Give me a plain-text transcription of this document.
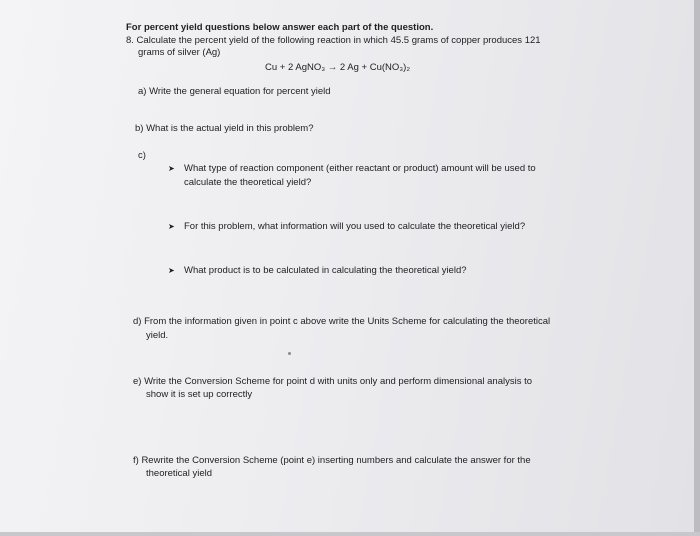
For percent yield questions below answer each part of the question.
8. Calculate the percent yield of the following reaction in which 45.5 grams of copper produces 121
grams of silver (Ag)
Cu + 2 AgNO₃ → 2 Ag + Cu(NO₃)₂
a) Write the general equation for percent yield
b) What is the actual yield in this problem?
c)
➤ What type of reaction component (either reactant or product) amount will be used to
calculate the theoretical yield?
➤ For this problem, what information will you used to calculate the theoretical yield?
➤ What product is to be calculated in calculating the theoretical yield?
d) From the information given in point c above write the Units Scheme for calculating the theoretical
yield.
e) Write the Conversion Scheme for point d with units only and perform dimensional analysis to
show it is set up correctly
f) Rewrite the Conversion Scheme (point e) inserting numbers and calculate the answer for the
theoretical yield
